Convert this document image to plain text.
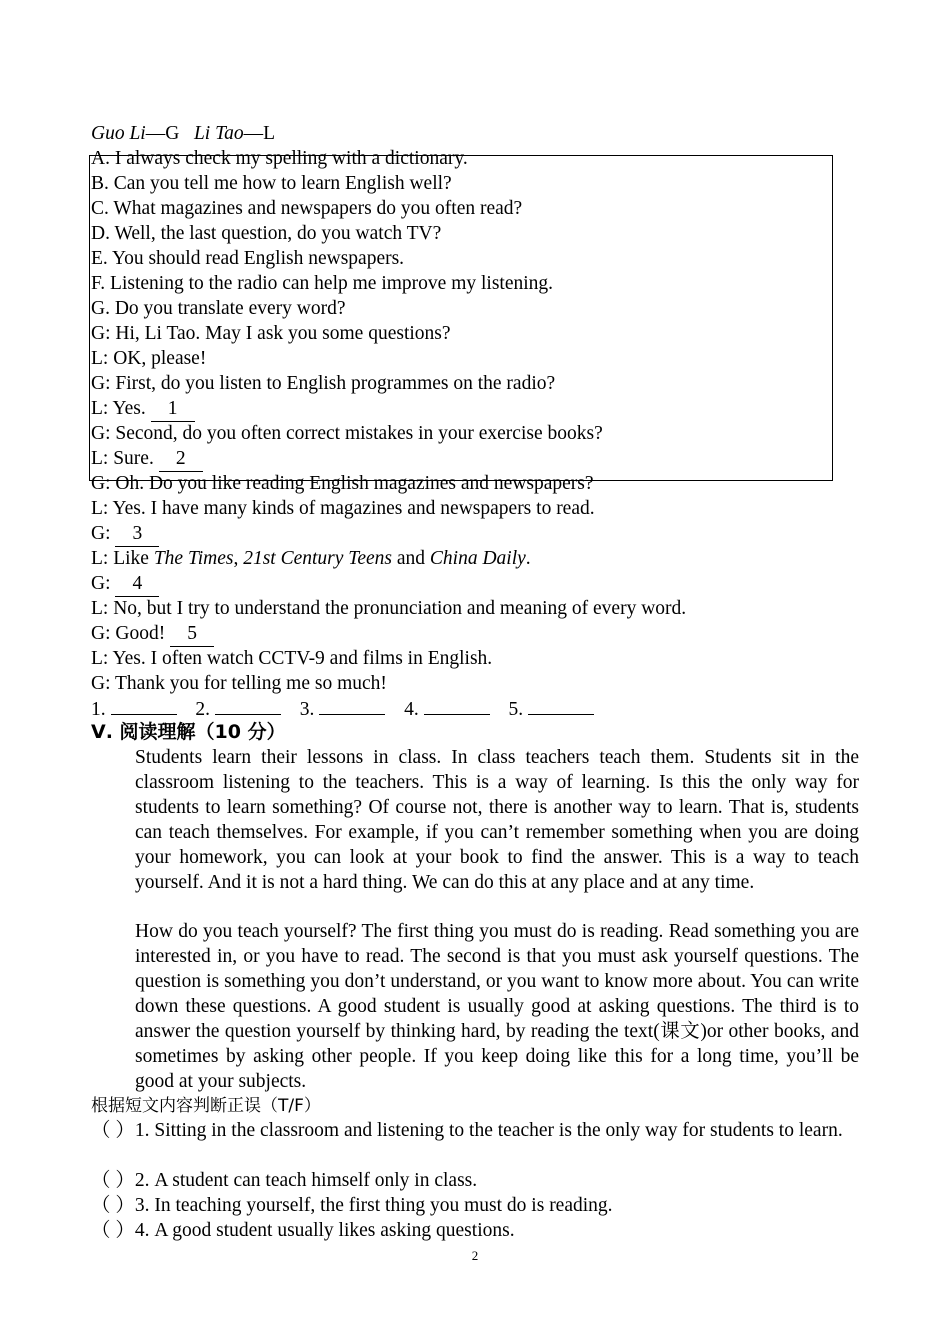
Guo Li—G Li Tao—L
A. I always check my spelling with a dictionary.
B. Can you tell me how to learn English well?
C. What magazines and newspapers do you often read?
D. Well, the last question, do you watch TV?
E. You should read English newspapers.
F. Listening to the radio can help me improve my listening.
G. Do you translate every word?
G: Hi, Li Tao. May I ask you some questions?
L: OK, please!
G: First, do you listen to English programmes on the radio?
L: Yes. 1
G: Second, do you often correct mistakes in your exercise books?
L: Sure. 2
G: Oh. Do you like reading English magazines and newspapers?
L: Yes. I have many kinds of magazines and newspapers to read.
G: 3
L: Like The Times, 21st Century Teens and China Daily.
G: 4
L: No, but I try to understand the pronunciation and meaning of every word.
G: Good! 5
L: Yes. I often watch CCTV-9 and films in English.
G: Thank you for telling me so much!
1.	2.	3.	4.	5.
Ⅴ. 阅读理解（10 分）
Students learn their lessons in class. In class teachers teach them. Students sit in the classroom listening to the teachers. This is a way of learning. Is this the only way for students to learn something? Of course not, there is another way to learn. That is, students can teach themselves. For example, if you can’t remember something when you are doing your homework, you can look at your book to find the answer. This is a way to teach yourself. And it is not a hard thing. We can do this at any place and at any time.
How do you teach yourself? The first thing you must do is reading. Read something you are interested in, or you have to read. The second is that you must ask yourself questions. The question is something you don’t understand, or you want to know more about. You can write down these questions. A good student is usually good at asking questions. The third is to answer the question yourself by thinking hard, by reading the text(课文)or other books, and sometimes by asking other people. If you keep doing like this for a long time, you’ll be good at your subjects.
根据短文内容判断正误（T/F）
（ ）1. Sitting in the classroom and listening to the teacher is the only way for students to learn.
（ ）2. A student can teach himself only in class.
（ ）3. In teaching yourself, the first thing you must do is reading.
（ ）4. A good student usually likes asking questions.
2
